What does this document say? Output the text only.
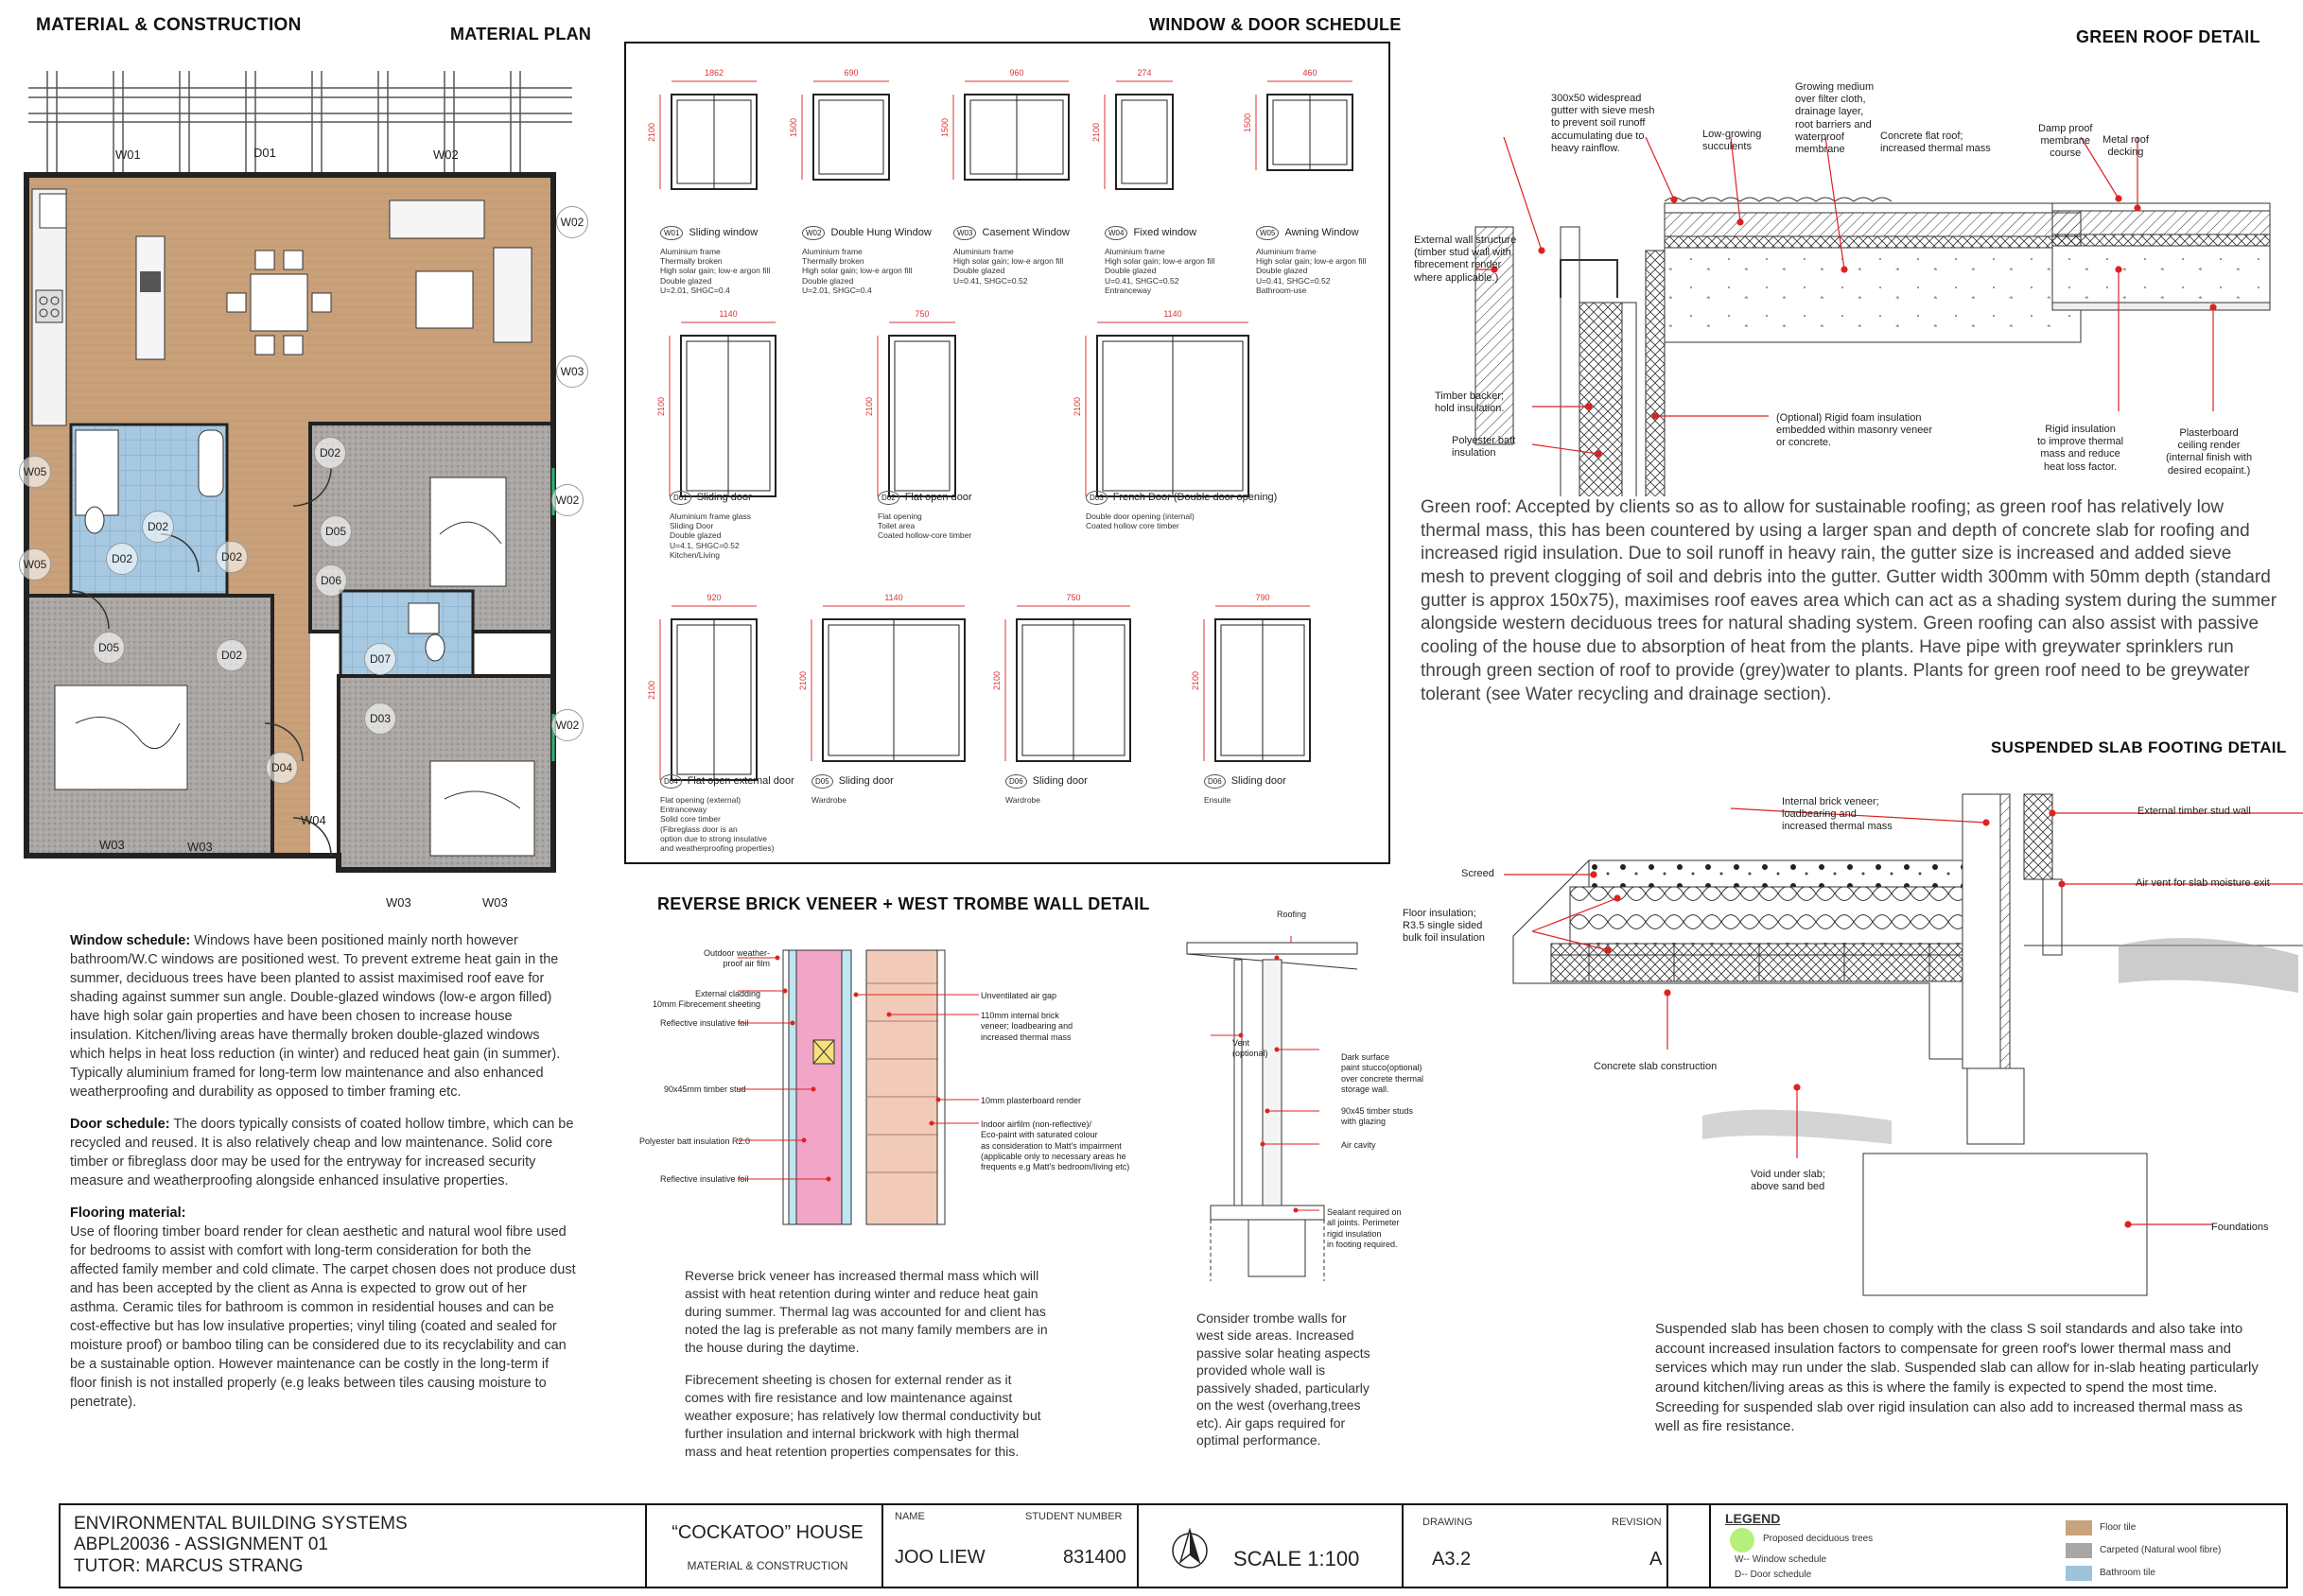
MATERIAL & CONSTRUCTION	MATERIAL PLAN	WINDOW & DOOR SCHEDULE
GREEN ROOF DETAIL
SUSPENDED SLAB FOOTING DETAIL
REVERSE BRICK VENEER + WEST TROMBE WALL DETAIL
W01	D01	W02
W02
W03
W02
W02
W05
W05
D02
D02	D02
D02
D02
D05
D05
D06
D07
D03
D04
W04
W03	W03
W03	W03

Window schedule: Windows have been positioned mainly north however bathroom/W.C windows are positioned west. To prevent extreme heat gain in the summer, deciduous trees have been planted to assist maximised roof eave for shading against summer sun angle. Double-glazed windows (low-e argon filled) have high solar gain properties and have been chosen to increase house insulation. Kitchen/living areas have thermally broken double-glazed windows which helps in heat loss reduction (in winter) and reduced heat gain (in summer). Typically aluminium framed for long-term low maintenance and also enhanced weatherproofing and durability as opposed to timber framing etc.

Door schedule: The doors typically consists of coated hollow timbre, which can be recycled and reused. It is also relatively cheap and low maintenance. Solid core timber or fibreglass door may be used for the entryway for increased security measure and weatherproofing alongside enhanced insulative properties.

Flooring material:
Use of flooring timber board render for clean aesthetic and natural wool fibre used for bedrooms to assist with comfort with long-term consideration for both the affected family member and cold climate. The carpet chosen does not produce dust and has been accepted by the client as Anna is expected to grow out of her asthma. Ceramic tiles for bathroom is common in residential houses and can be cost-effective but has low insulative properties; vinyl tiling (coated and sealed for moisture proof) or bamboo tiling can be considered due to its recyclability and can be a sustainable option. However maintenance can be costly in the long-term if floor finish is not installed properly (e.g leaks between tiles causing moisture to penetrate).

1862
2100
W01 Sliding window
Aluminium frame
Thermally broken
High solar gain; low-e argon fill
Double glazed
U=2.01, SHGC=0.4
690
1500
W02 Double Hung Window
Aluminium frame
Thermally broken
High solar gain; low-e argon fill
Double glazed
U=2.01, SHGC=0.4
960
1500
W03 Casement Window
Aluminium frame
High solar gain; low-e argon fill
Double glazed
U=0.41, SHGC=0.52
274
2100
W04 Fixed window
Aluminium frame
High solar gain; low-e argon fill
Double glazed
U=0.41, SHGC=0.52
Entranceway
460
1500
W05 Awning Window
Aluminium frame
High solar gain; low-e argon fill
Double glazed
U=0.41, SHGC=0.52
Bathroom-use
1140
2100
D01 Sliding door
Aluminium frame glass
Sliding Door
Double glazed
U=4.1, SHGC=0.52
Kitchen/Living
750
2100
D02 Flat open door
Flat opening
Toilet area
Coated hollow-core timber
1140
2100
D03 French Door (Double door opening)
Double door opening (internal)
Coated hollow core timber
920
2100
D04 Flat open external door
Flat opening (external)
Entranceway
Solid core timber
(Fibreglass door is an
option due to strong insulative
and weatherproofing properties)
1140
2100
D05 Sliding door
Wardrobe
750
2100
D06 Sliding door
Wardrobe
790
2100
D06 Sliding door
Ensuite
300x50 widespread
gutter with sieve mesh
to prevent soil runoff
accumulating due to
heavy rainflow.
Low-growing
succulents
Growing medium
over filter cloth,
drainage layer,
root barriers and
waterproof
membrane
Concrete flat roof;
increased thermal mass
Damp proof
membrane
course
Metal roof
decking
External wall structure
(timber stud wall with
fibrecement render
where applicable.)
Timber backer;
hold insulation.
Polyester batt
insulation
(Optional) Rigid foam insulation
embedded within masonry veneer
or concrete.
Rigid insulation
to improve thermal
mass and reduce
heat loss factor.
Plasterboard
ceiling render
(internal finish with
desired ecopaint.)
Green roof: Accepted by clients so as to allow for sustainable roofing; as green roof has relatively low thermal mass, this has been countered by using a larger span and depth of concrete slab for roofing and increased rigid insulation. Due to soil runoff in heavy rain, the gutter size is increased and added sieve mesh to prevent clogging of soil and debris into the gutter. Gutter width 300mm with 50mm depth (standard gutter is approx 150x75), maximises roof eaves area which can act as a shading system during the summer alongside western deciduous trees for natural shading system. Green roofing can also assist with passive cooling of the house due to absorption of heat from the plants. Have pipe with greywater sprinklers run through green section of roof to provide (grey)water to plants. Plants for green roof need to be greywater tolerant (see Water recycling and drainage section).
Internal brick veneer;
loadbearing and
increased thermal mass
External timber stud wall
Screed
Air vent for slab moisture exit
Floor insulation;
R3.5 single sided
bulk foil insulation
Concrete slab construction
Void under slab;
above sand bed
Foundations
Suspended slab has been chosen to comply with the class S soil standards and also take into account increased insulation factors to compensate for green roof's lower thermal mass and services which may run under the slab. Suspended slab can allow for in-slab heating particularly around kitchen/living areas as this is where the family is expected to spend the most time. Screeding for suspended slab over rigid insulation can also add to increased thermal mass as well as fire resistance.
Outdoor weather-
proof air film
External cladding
10mm Fibrecement sheeting
Reflective insulative foil
90x45mm timber stud
Polyester batt insulation R2.0
Reflective insulative foil
Unventilated air gap
110mm internal brick
veneer; loadbearing and
increased thermal mass
10mm plasterboard render
Indoor airfilm (non-reflective)/
Eco-paint with saturated colour
as consideration to Matt's impairment
(applicable only to necessary areas he
frequents e.g Matt's bedroom/living etc)

Reverse brick veneer has increased thermal mass which will assist with heat retention during winter and reduce heat gain during summer. Thermal lag was accounted for and client has noted the lag is preferable as not many family members are in the house during the daytime.

Fibrecement sheeting is chosen for external render as it comes with fire resistance and low maintenance against weather exposure; has relatively low thermal conductivity but further insulation and internal brickwork with high thermal mass and heat retention properties compensates for this.

Roofing
Vent
(optional)	Dark surface
paint stucco(optional)
over concrete thermal
storage wall.
90x45 timber studs
with glazing
Air cavity
Sealant required on
all joints. Perimeter
rigid insulation
in footing required.
Consider trombe walls for west side areas. Increased passive solar heating aspects provided whole wall is passively shaded, particularly on the west (overhang,trees etc). Air gaps required for optimal performance.
ENVIRONMENTAL BUILDING SYSTEMS
ABPL20036 - ASSIGNMENT 01
TUTOR: MARCUS STRANG
“COCKATOO” HOUSE
MATERIAL & CONSTRUCTION
NAME	STUDENT NUMBER
JOO LIEW	831400	SCALE 1:100
DRAWING	REVISION
A3.2	A
LEGEND
Proposed deciduous trees
W-- Window schedule
D-- Door schedule
Floor tile
Carpeted (Natural wool fibre)
Bathroom tile
